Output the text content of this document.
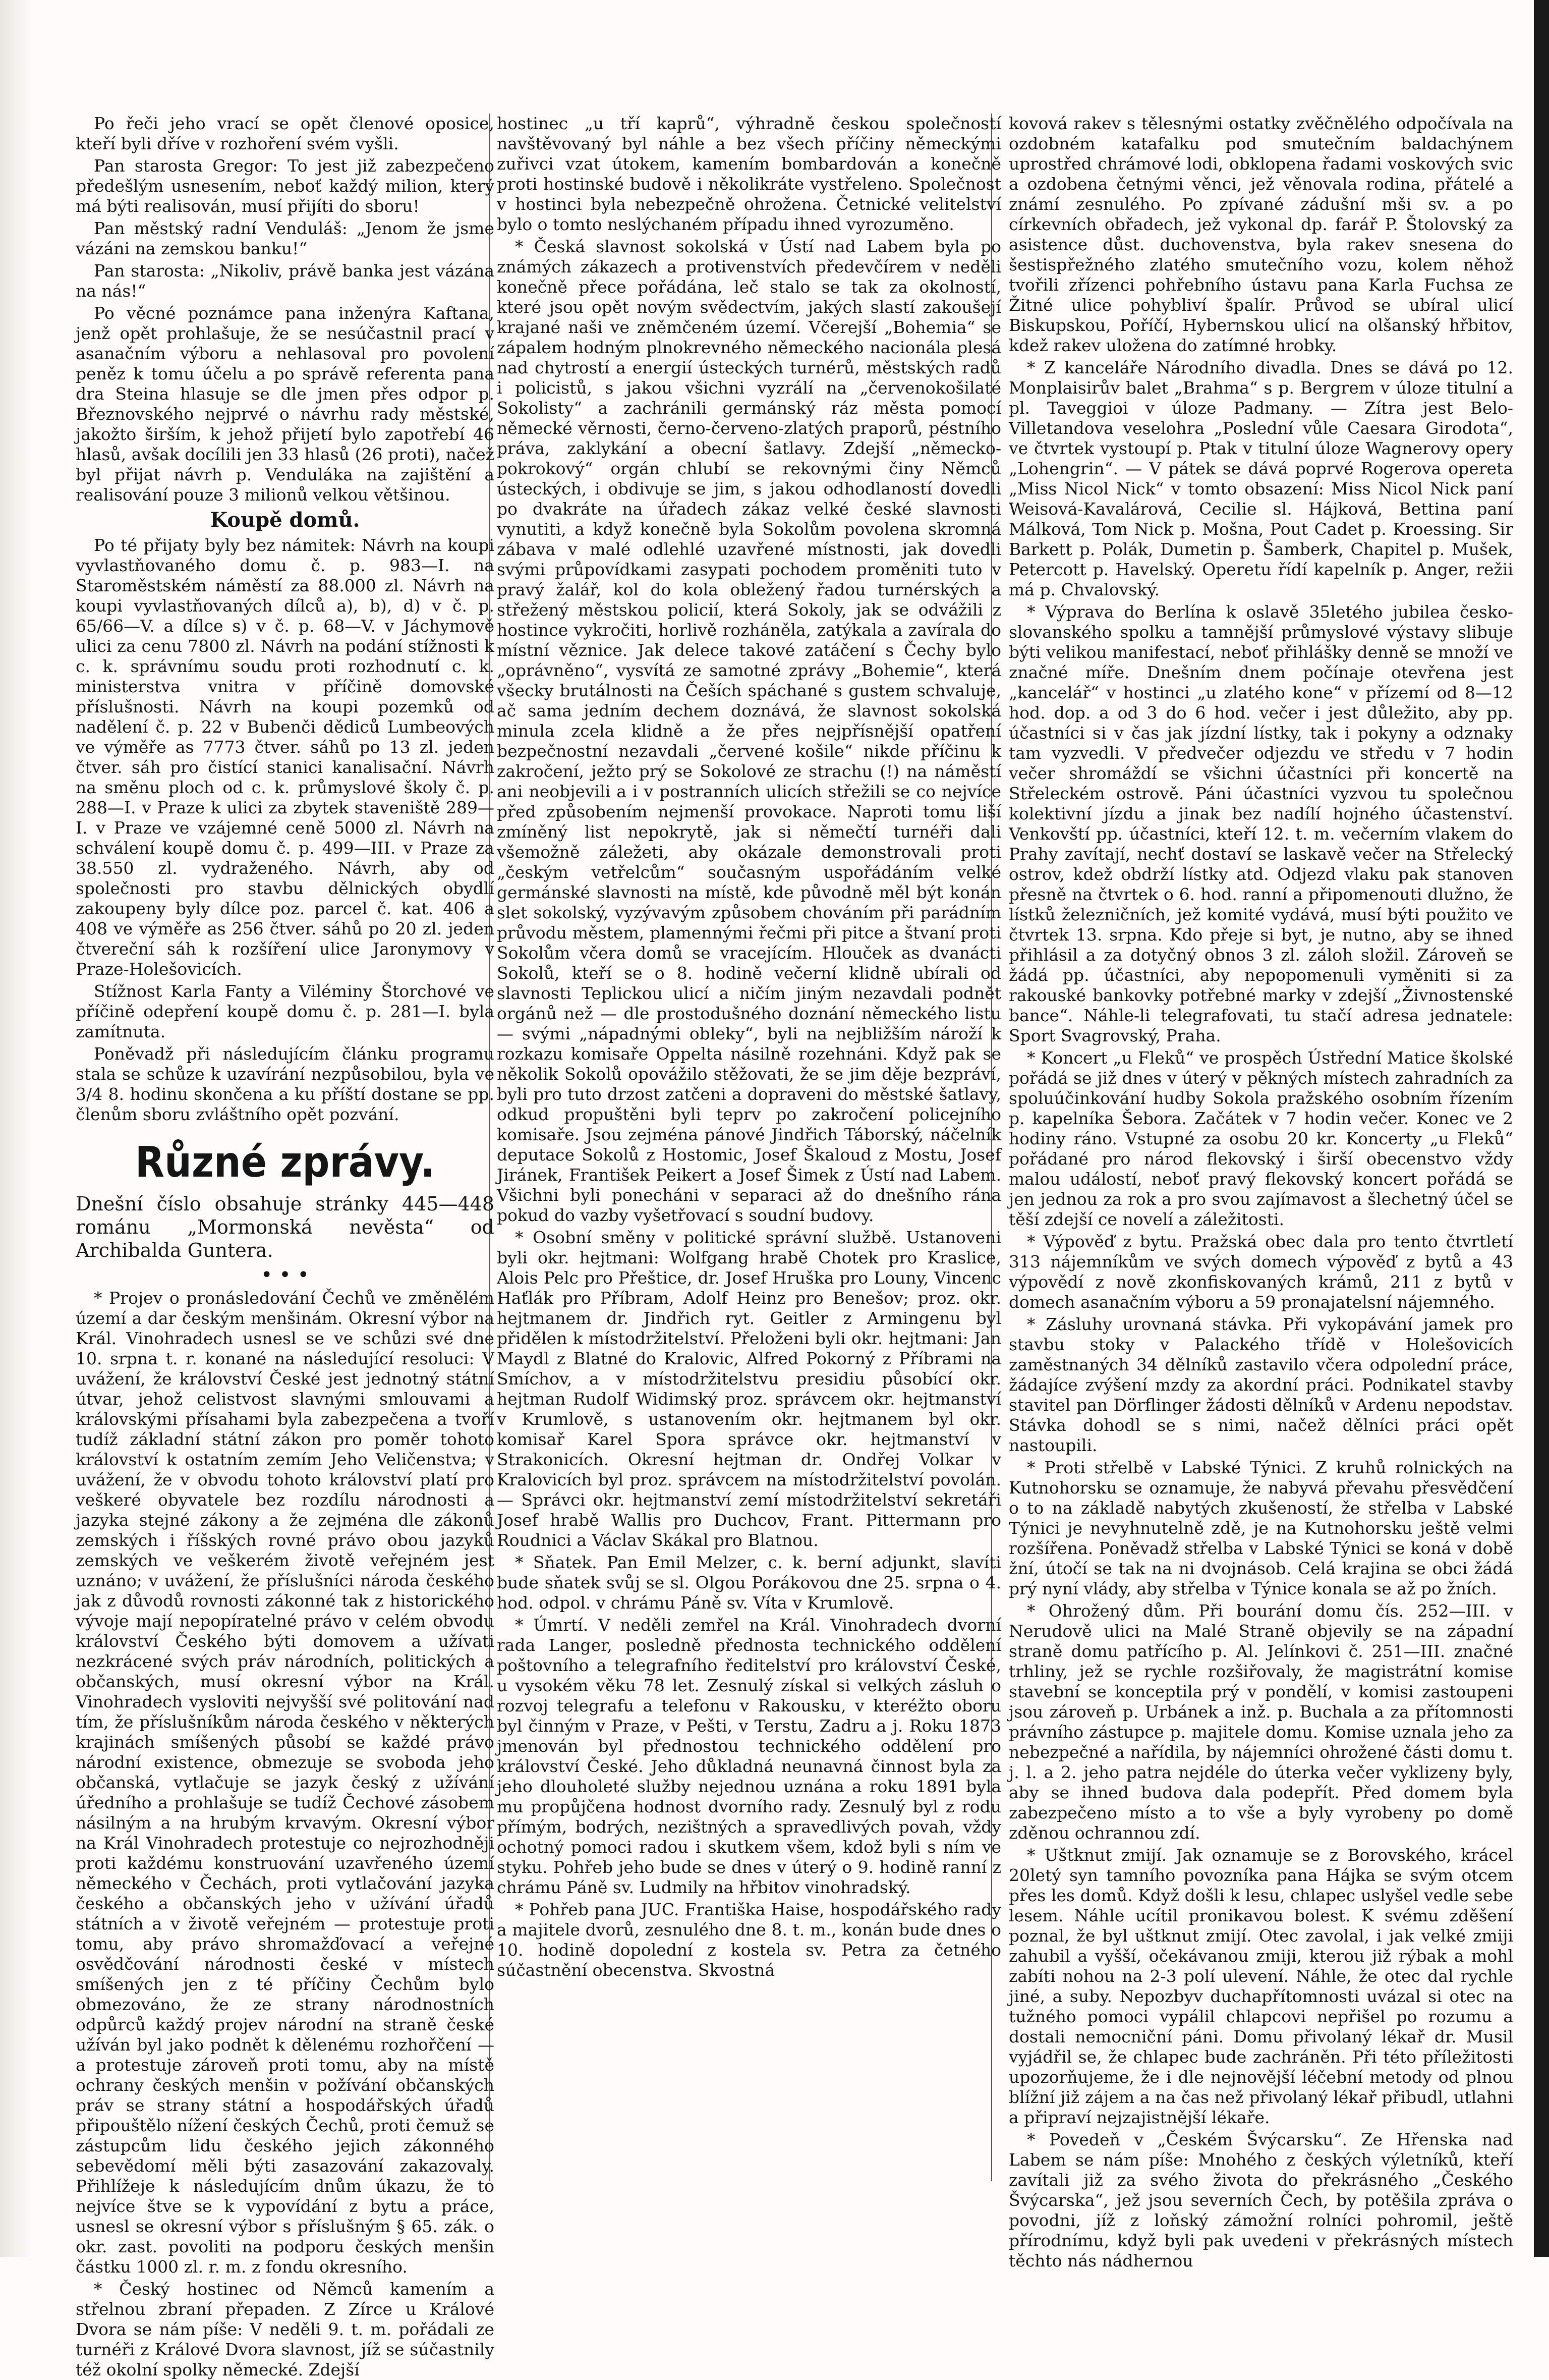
Po řeči jeho vrací se opět členové oposice, kteří byli dříve v rozhoření svém vyšli.

Pan starosta Gregor: To jest již zabezpečeno předešlým usnesením, neboť každý milion, který má býti realisován, musí přijíti do sboru!

Pan městský radní Venduláš: „Jenom že jsme vázáni na zemskou banku!“

Pan starosta: „Nikoliv, právě banka jest vázána na nás!“

Po věcné poznámce pana inženýra Kaftana, jenž opět prohlašuje, že se nesúčastnil prací v asanačním výboru a nehlasoval pro povolení peněz k tomu účelu a po správě referenta pana dra Steina hlasuje se dle jmen přes odpor p. Březnovského nejprvé o návrhu rady městské, jakožto širším, k jehož přijetí bylo zapotřebí 46 hlasů, avšak docílili jen 33 hlasů (26 proti), načež byl přijat návrh p. Venduláka na zajištění a realisování pouze 3 milionů velkou většinou.

Koupě domů.

Po té přijaty byly bez námitek: Návrh na koupi vyvlastňovaného domu č. p. 983—I. na Staroměstském náměstí za 88.000 zl. Návrh na koupi vyvlastňovaných dílců a), b), d) v č. p. 65/66—V. a dílce s) v č. p. 68—V. v Jáchymově ulici za cenu 7800 zl. Návrh na podání stížnosti k c. k. správnímu soudu proti rozhodnutí c. k. ministerstva vnitra v příčině domovské příslušnosti. Návrh na koupi pozemků od nadělení č. p. 22 v Bubenči dědiců Lumbeových ve výměře as 7773 čtver. sáhů po 13 zl. jeden čtver. sáh pro čistící stanici kanalisační. Návrh na směnu ploch od c. k. průmyslové školy č. p. 288—I. v Praze k ulici za zbytek staveniště 289—I. v Praze ve vzájemné ceně 5000 zl. Návrh na schválení koupě domu č. p. 499—III. v Praze za 38.550 zl. vydraženého. Návrh, aby od společnosti pro stavbu dělnických obydlí zakoupeny byly dílce poz. parcel č. kat. 406 a 408 ve výměře as 256 čtver. sáhů po 20 zl. jeden čtvereční sáh k rozšíření ulice Jaronymovy v Praze-Holešovicích.

Stížnost Karla Fanty a Viléminy Štorchové ve příčině odepření koupě domu č. p. 281—I. byla zamítnuta.

Poněvadž při následujícím článku programu stala se schůze k uzavírání nezpůsobilou, byla ve 3/4 8. hodinu skončena a ku příští dostane se pp. členům sboru zvláštního opět pozvání.

Různé zprávy.

Dnešní číslo obsahuje stránky 445—448 románu „Mormonská nevěsta“ od Archibalda Guntera.

• • •

* Projev o pronásledování Čechů ve změnělém území a dar českým menšinám. Okresní výbor na Král. Vinohradech usnesl se ve schůzi své dne 10. srpna t. r. konané na následující resoluci: V uvážení, že království České jest jednotný státní útvar, jehož celistvost slavnými smlouvami a královskými přísahami byla zabezpečena a tvoří tudíž základní státní zákon pro poměr tohoto království k ostatním zemím Jeho Veličenstva; v uvážení, že v obvodu tohoto království platí pro veškeré obyvatele bez rozdílu národnosti a jazyka stejné zákony a že zejména dle zákonů zemských i říšských rovné právo obou jazyků zemských ve veškerém životě veřejném jest uznáno; v uvážení, že příslušníci národa českého jak z důvodů rovnosti zákonné tak z historického vývoje mají nepopíratelné právo v celém obvodu království Českého býti domovem a užívati nezkrácené svých práv národních, politických a občanských, musí okresní výbor na Král. Vinohradech vysloviti nejvyšší své politování nad tím, že příslušníkům národa českého v některých krajinách smíšených působí se každé právo národní existence, obmezuje se svoboda jeho občanská, vytlačuje se jazyk český z užívání úředního a prohlašuje se tudíž Čechové zásobem násilným a na hrubým krvavým. Okresní výbor na Král Vinohradech protestuje co nejrozhodněji proti každému konstruování uzavřeného území německého v Čechách, proti vytlačování jazyka českého a občanských jeho v užívání úřadů státních a v životě veřejném — protestuje proti tomu, aby právo shromažďovací a veřejné osvědčování národnosti české v místech smíšených jen z té příčiny Čechům bylo obmezováno, že ze strany národnostních odpůrců každý projev národní na straně české užíván byl jako podnět k dělenému rozhořčení — a protestuje zároveň proti tomu, aby na místě ochrany českých menšin v požívání občanských práv se strany státní a hospodářských úřadů připouštělo nížení českých Čechů, proti čemuž se zástupcům lidu českého jejich zákonného sebevědomí měli býti zasazování zakazovaly. Přihlížeje k následujícím dnům úkazu, že to nejvíce štve se k vypovídání z bytu a práce, usnesl se okresní výbor s příslušným § 65. zák. o okr. zast. povoliti na podporu českých menšin částku 1000 zl. r. m. z fondu okresního.

* Český hostinec od Němců kamením a střelnou zbraní přepaden. Z Zírce u Králové Dvora se nám píše: V neděli 9. t. m. pořádali ze turnéři z Králové Dvora slavnost, jíž se súčastnily též okolní spolky německé. Zdejší

hostinec „u tří kaprů“, výhradně českou společností navštěvovaný byl náhle a bez všech příčiny německými zuřivci vzat útokem, kamením bombardován a konečně proti hostinské budově i několikráte vystřeleno. Společnost v hostinci byla nebezpečně ohrožena. Četnické velitelství bylo o tomto neslýchaném případu ihned vyrozuměno.

* Česká slavnost sokolská v Ústí nad Labem byla po známých zákazech a protivenstvích předevčírem v neděli konečně přece pořádána, leč stalo se tak za okolností, které jsou opět novým svědectvím, jakých slastí zakoušejí krajané naši ve zněmčeném území. Včerejší „Bohemia“ se zápalem hodným plnokrevného německého nacionála plesá nad chytrostí a energií ústeckých turnérů, městských radů i policistů, s jakou všichni vyzrálí na „červenokošilaté Sokolisty“ a zachránili germánský ráz města pomocí německé věrnosti, černo-červeno-zlatých praporů, péstního práva, zaklykání a obecní šatlavy. Zdejší „německo-pokrokový“ orgán chlubí se rekovnými činy Němců ústeckých, i obdivuje se jim, s jakou odhodlaností dovedli po dvakráte na úřadech zákaz velké české slavnosti vynutiti, a když konečně byla Sokolům povolena skromná zábava v malé odlehlé uzavřené místnosti, jak dovedli svými průpovídkami zasypati pochodem proměniti tuto v pravý žalář, kol do kola obležený řadou turnérských a střežený městskou policií, která Sokoly, jak se odvážili z hostince vykročiti, horlivě rozháněla, zatýkala a zavírala do místní věznice. Jak delece takové zatáčení s Čechy bylo „oprávněno“, vysvítá ze samotné zprávy „Bohemie“, která všecky brutálnosti na Češích spáchané s gustem schvaluje, ač sama jedním dechem doznává, že slavnost sokolská minula zcela klidně a že přes nejpřísnější opatření bezpečnostní nezavdali „červené košile“ nikde příčinu k zakročení, ježto prý se Sokolové ze strachu (!) na náměstí ani neobjevili a i v postranních ulicích střežili se co nejvíce před způsobením nejmenší provokace. Naproti tomu liší zmíněný list nepokrytě, jak si němečtí turnéři dali všemožně záležeti, aby okázale demonstrovali proti „českým vetřelcům“ současným uspořádáním velké germánské slavnosti na místě, kde původně měl být konán slet sokolský, vyzývavým způsobem chováním při parádním průvodu městem, plamennými řečmi při pitce a štvaní proti Sokolům včera domů se vracejícím. Hlouček as dvanácti Sokolů, kteří se o 8. hodině večerní klidně ubírali od slavnosti Teplickou ulicí a ničím jiným nezavdali podnět orgánů než — dle prostodušného doznání německého listu — svými „nápadnými obleky“, byli na nejbližším nároží k rozkazu komisaře Oppelta násilně rozehnáni. Když pak se několik Sokolů opovážilo stěžovati, že se jim děje bezpráví, byli pro tuto drzost zatčeni a dopraveni do městské šatlavy, odkud propuštěni byli teprv po zakročení policejního komisaře. Jsou zejména pánové Jindřich Táborský, náčelník deputace Sokolů z Hostomic, Josef Škaloud z Mostu, Josef Jiránek, František Peikert a Josef Šimek z Ústí nad Labem. Všichni byli ponecháni v separaci až do dnešního rána pokud do vazby vyšetřovací s soudní budovy.

* Osobní směny v politické správní službě. Ustanoveni byli okr. hejtmani: Wolfgang hrabě Chotek pro Kraslice, Alois Pelc pro Přeštice, dr. Josef Hruška pro Louny, Vincenc Haťlák pro Příbram, Adolf Heinz pro Benešov; proz. okr. hejtmanem dr. Jindřich ryt. Geitler z Armingenu byl přidělen k místodržitelství. Přeloženi byli okr. hejtmani: Jan Maydl z Blatné do Kralovic, Alfred Pokorný z Příbrami na Smíchov, a v místodržitelstvu presidiu působící okr. hejtman Rudolf Widimský proz. správcem okr. hejtmanství v Krumlově, s ustanovením okr. hejtmanem byl okr. komisař Karel Spora správce okr. hejtmanství v Strakonicích. Okresní hejtman dr. Ondřej Volkar v Kralovicích byl proz. správcem na místodržitelství povolán. — Správci okr. hejtmanství zemí místodržitelství sekretáři Josef hrabě Wallis pro Duchcov, Frant. Pittermann pro Roudnici a Václav Skákal pro Blatnou.

* Sňatek. Pan Emil Melzer, c. k. berní adjunkt, slavíti bude sňatek svůj se sl. Olgou Porákovou dne 25. srpna o 4. hod. odpol. v chrámu Páně sv. Víta v Krumlově.

* Úmrtí. V neděli zemřel na Král. Vinohradech dvorní rada Langer, posledně přednosta technického oddělení poštovního a telegrafního ředitelství pro království České, u vysokém věku 78 let. Zesnulý získal si velkých zásluh o rozvoj telegrafu a telefonu v Rakousku, v kteréžto oboru byl činným v Praze, v Pešti, v Terstu, Zadru a j. Roku 1873 jmenován byl přednostou technického oddělení pro království České. Jeho důkladná neunavná činnost byla za jeho dlouholeté služby nejednou uznána a roku 1891 byla mu propůjčena hodnost dvorního rady. Zesnulý byl z rodu přímým, bodrých, nezištných a spravedlivých povah, vždy ochotný pomoci radou i skutkem všem, kdož byli s ním ve styku. Pohřeb jeho bude se dnes v úterý o 9. hodině ranní z chrámu Páně sv. Ludmily na hřbitov vinohradský.

* Pohřeb pana JUC. Františka Haise, hospodářského rady a majitele dvorů, zesnulého dne 8. t. m., konán bude dnes o 10. hodině dopolední z kostela sv. Petra za četného súčastnění obecenstva. Skvostná

kovová rakev s tělesnými ostatky zvěčnělého odpočívala na ozdobném katafalku pod smutečním baldachýnem uprostřed chrámové lodi, obklopena řadami voskových svic a ozdobena četnými věnci, jež věnovala rodina, přátelé a známí zesnulého. Po zpívané zádušní mši sv. a po církevních obřadech, jež vykonal dp. farář P. Štolovský za asistence důst. duchovenstva, byla rakev snesena do šestispřežného zlatého smutečního vozu, kolem něhož tvořili zřízenci pohřebního ústavu pana Karla Fuchsa ze Žitné ulice pohybliví špalír. Průvod se ubíral ulicí Biskupskou, Poříčí, Hybernskou ulicí na olšanský hřbitov, kdež rakev uložena do zatímné hrobky.

* Z kanceláře Národního divadla. Dnes se dává po 12. Monplaisirův balet „Brahma“ s p. Bergrem v úloze titulní a pl. Taveggioi v úloze Padmany. — Zítra jest Belo-Villetandova veselohra „Poslední vůle Caesara Girodota“, ve čtvrtek vystoupí p. Ptak v titulní úloze Wagnerovy opery „Lohengrin“. — V pátek se dává poprvé Rogerova opereta „Miss Nicol Nick“ v tomto obsazení: Miss Nicol Nick paní Weisová-Kavalárová, Cecilie sl. Hájková, Bettina paní Málková, Tom Nick p. Mošna, Pout Cadet p. Kroessing. Sir Barkett p. Polák, Dumetin p. Šamberk, Chapitel p. Mušek, Petercott p. Havelský. Operetu řídí kapelník p. Anger, režii má p. Chvalovský.

* Výprava do Berlína k oslavě 35letého jubilea česko-slovanského spolku a tamnější průmyslové výstavy slibuje býti velikou manifestací, neboť přihlášky denně se množí ve značné míře. Dnešním dnem počínaje otevřena jest „kancelář“ v hostinci „u zlatého kone“ v přízemí od 8—12 hod. dop. a od 3 do 6 hod. večer i jest důležito, aby pp. účastníci si v čas jak jízdní lístky, tak i pokyny a odznaky tam vyzvedli. V předvečer odjezdu ve středu v 7 hodin večer shromáždí se všichni účastníci při koncertě na Střeleckém ostrově. Páni účastníci vyzvou tu společnou kolektivní jízdu a jinak bez nadílí hojného účastenství. Venkovští pp. účastníci, kteří 12. t. m. večerním vlakem do Prahy zavítají, nechť dostaví se laskavě večer na Střelecký ostrov, kdež obdrží lístky atd. Odjezd vlaku pak stanoven přesně na čtvrtek o 6. hod. ranní a připomenouti dlužno, že lístků železničních, jež komité vydává, musí býti použito ve čtvrtek 13. srpna. Kdo přeje si byt, je nutno, aby se ihned přihlásil a za dotyčný obnos 3 zl. záloh složil. Zároveň se žádá pp. účastníci, aby nepopomenuli vyměniti si za rakouské bankovky potřebné marky v zdejší „Živnostenské bance“. Náhle-li telegrafovati, tu stačí adresa jednatele: Sport Svagrovský, Praha.

* Koncert „u Fleků“ ve prospěch Ústřední Matice školské pořádá se již dnes v úterý v pěkných místech zahradních za spoluúčinkování hudby Sokola pražského osobním řízením p. kapelníka Šebora. Začátek v 7 hodin večer. Konec ve 2 hodiny ráno. Vstupné za osobu 20 kr. Koncerty „u Fleků“ pořádané pro národ flekovský i širší obecenstvo vždy malou událostí, neboť pravý flekovský koncert pořádá se jen jednou za rok a pro svou zajímavost a šlechetný účel se těší zdejší ce novelí a záležitosti.

* Výpověď z bytu. Pražská obec dala pro tento čtvrtletí 313 nájemníkům ve svých domech výpověď z bytů a 43 výpovědí z nově zkonfiskovaných krámů, 211 z bytů v domech asanačním výboru a 59 pronajatelsní nájemného.

* Zásluhy urovnaná stávka. Při vykopávání jamek pro stavbu stoky v Palackého třídě v Holešovicích zaměstnaných 34 dělníků zastavilo včera odpolední práce, žádajíce zvýšení mzdy za akordní práci. Podnikatel stavby stavitel pan Dörflinger žádosti dělníků v Ardenu nepodstav. Stávka dohodl se s nimi, načež dělníci práci opět nastoupili.

* Proti střelbě v Labské Týnici. Z kruhů rolnických na Kutnohorsku se oznamuje, že nabyvá převahu přesvědčení o to na základě nabytých zkušeností, že střelba v Labské Týnici je nevyhnutelně zdě, je na Kutnohorsku ještě velmi rozšířena. Poněvadž střelba v Labské Týnici se koná v době žní, útočí se tak na ni dvojnásob. Celá krajina se obci žádá prý nyní vlády, aby střelba v Týnice konala se až po žních.

* Ohrožený dům. Při bourání domu čís. 252—III. v Nerudově ulici na Malé Straně objevily se na západní straně domu patřícího p. Al. Jelínkovi č. 251—III. značné trhliny, jež se rychle rozšiřovaly, že magistrátní komise stavební se konceptila prý v pondělí, v komisi zastoupeni jsou zároveň p. Urbánek a inž. p. Buchala a za přítomnosti právního zástupce p. majitele domu. Komise uznala jeho za nebezpečné a nařídila, by nájemníci ohrožené části domu t. j. l. a 2. jeho patra nejdéle do úterka večer vyklizeny byly, aby se ihned budova dala podepřít. Před domem byla zabezpečeno místo a to vše a byly vyrobeny po domě zděnou ochrannou zdí.

* Uštknut zmijí. Jak oznamuje se z Borovského, krácel 20letý syn tamního povozníka pana Hájka se svým otcem přes les domů. Když došli k lesu, chlapec uslyšel vedle sebe lesem. Náhle ucítil pronikavou bolest. K svému zděšení poznal, že byl uštknut zmijí. Otec zavolal, i jak velké zmiji zahubil a vyšší, očekávanou zmiji, kterou již rýbak a mohl zabíti nohou na 2-3 polí ulevení. Náhle, že otec dal rychle jiné, a suby. Nepozbyv duchapřítomnosti uvázal si otec na tužného pomoci vypálil chlapcovi nepřišel po rozumu a dostali nemocniční páni. Domu přivolaný lékař dr. Musil vyjádřil se, že chlapec bude zachráněn. Při této příležitosti upozorňujeme, že i dle nejnovější léčební metody od plnou blížní již zájem a na čas než přivolaný lékař přibudl, utlahni a připraví nejzajistnější lékaře.

* Povedeň v „Českém Švýcarsku“. Ze Hřenska nad Labem se nám píše: Mnohého z českých výletníků, kteří zavítali již za svého života do překrásného „Českého Švýcarska“, jež jsou severních Čech, by potěšila zpráva o povodni, jíž z loňský zámožní rolníci pohromil, ještě přírodnímu, když byli pak uvedeni v překrásných místech těchto nás nádhernou
